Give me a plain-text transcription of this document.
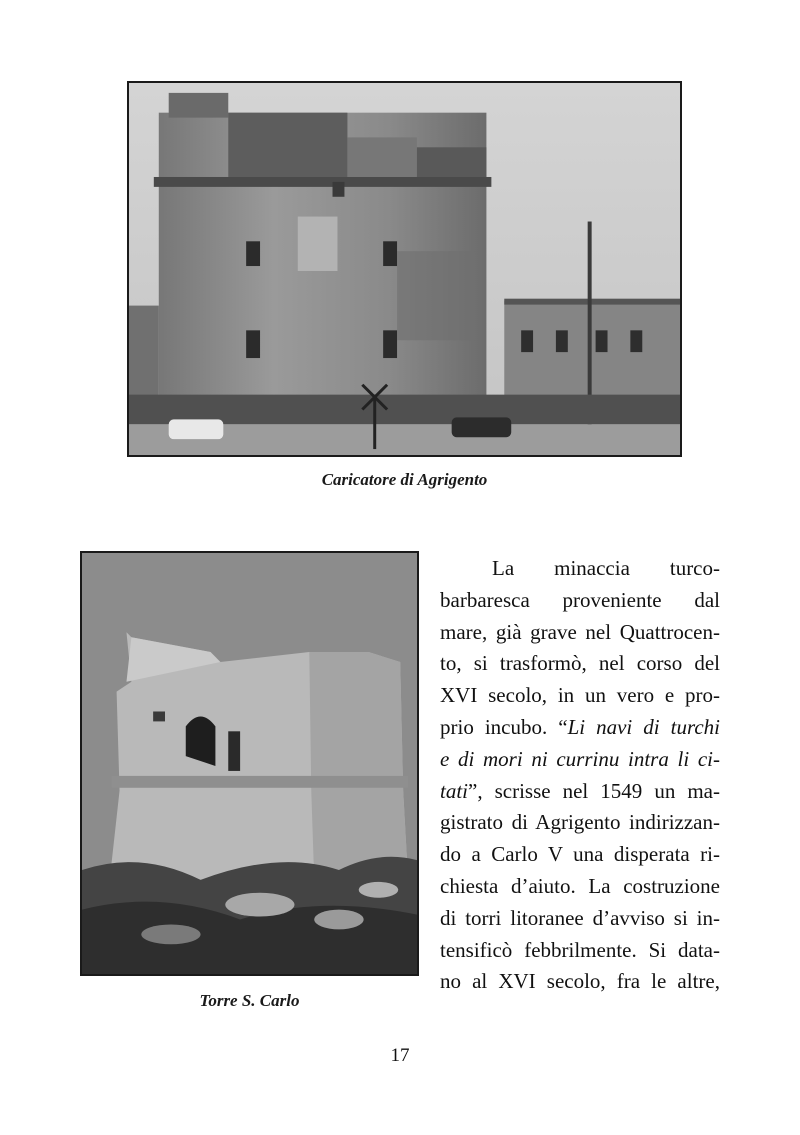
Caricatore di Agrigento
Torre S. Carlo
La minaccia turco-
barbaresca proveniente dal
mare, già grave nel Quattrocen-
to, si trasformò, nel corso del
XVI secolo, in un vero e pro-
prio incubo. “Li navi di turchi
e di mori ni currinu intra li ci-
tati”, scrisse nel 1549 un ma-
gistrato di Agrigento indirizzan-
do a Carlo V una disperata ri-
chiesta d’aiuto. La costruzione
di torri litoranee d’avviso si in-
tensificò febbrilmente. Si data-
no al XVI secolo, fra le altre,
17
